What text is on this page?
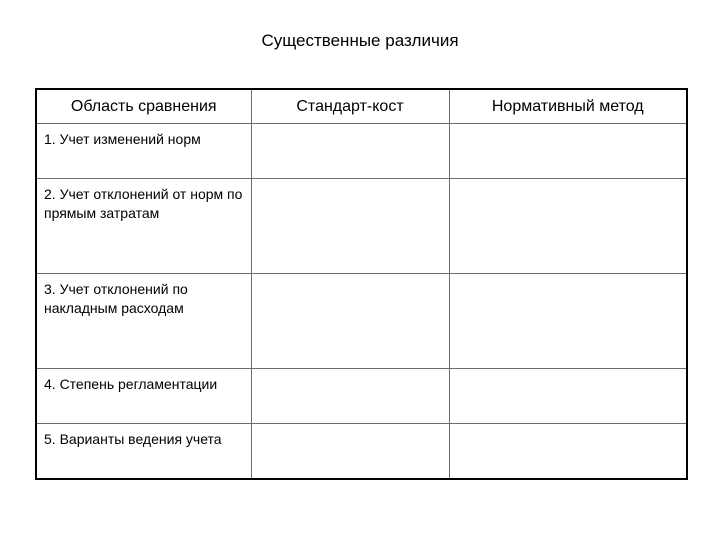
Существенные различия
Область сравнения	Стандарт-кост	Нормативный метод
1. Учет изменений норм		
2. Учет отклонений от норм по прямым затратам		
3. Учет отклонений по накладным расходам		
4. Степень регламентации		
5. Варианты ведения учета		
